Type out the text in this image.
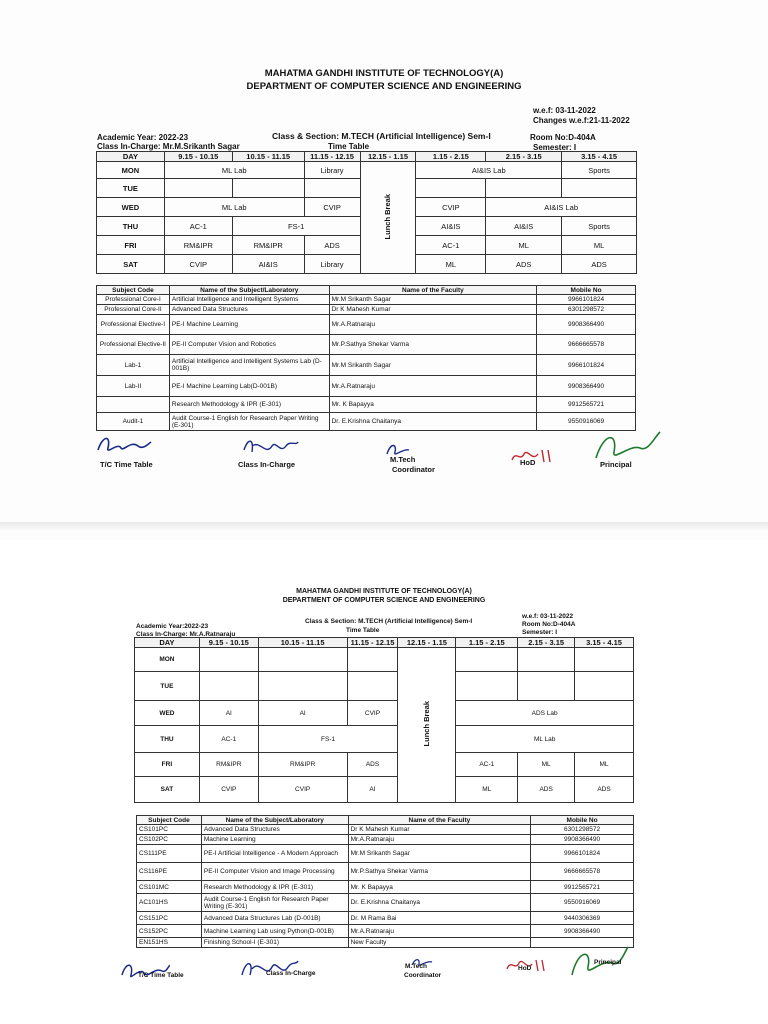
MAHATMA GANDHI INSTITUTE OF TECHNOLOGY(A)
DEPARTMENT OF COMPUTER SCIENCE AND ENGINEERING
w.e.f: 03-11-2022
Changes w.e.f:21-11-2022
Academic Year: 2022-23	Class & Section: M.TECH (Artificial Intelligence) Sem-I	Room No:D-404A
Class In-Charge: Mr.M.Srikanth Sagar	Time Table	Semester: I
DAY	9.15 - 10.15	10.15 - 11.15	11.15 - 12.15	12.15 - 1.15	1.15 - 2.15	2.15 - 3.15	3.15 - 4.15
MON	ML Lab		Library	Lunch Break	AI&IS Lab		Sports
TUE							
WED	ML Lab		CVIP		CVIP	AI&IS Lab	
THU	AC-1	FS-1			AI&IS	AI&IS	Sports
FRI	RM&IPR	RM&IPR	ADS		AC-1	ML	ML
SAT	CVIP	AI&IS	Library		ML	ADS	ADS
Subject Code	Name of the Subject/Laboratory	Name of the Faculty	Mobile No
Professional Core-I	Artificial Intelligence and Intelligent Systems	Mr.M Srikanth Sagar	9966101824
Professional Core-II	Advanced Data Structures	Dr K Mahesh Kumar	6301298572
Professional Elective-I	PE-I Machine Learning	Mr.A.Ratnaraju	9908366490
Professional Elective-II	PE-II Computer Vision and Robotics	Mr.P.Sathya Shekar Varma	9666665578
Lab-1	Artificial Intelligence and Intelligent Systems Lab (D-001B)	Mr.M Srikanth Sagar	9966101824
Lab-II	PE-I Machine Learning Lab(D-001B)	Mr.A.Ratnaraju	9908366490
	Research Methodology & IPR (E-301)	Mr. K Bapayya	9912565721
Audit-1	Audit Course-1 English for Research Paper Writing (E-301)	Dr. E.Krishna Chaitanya	9550916069
T/C Time Table	Class In-Charge
M.Tech
Coordinator
HoD	Principal
MAHATMA GANDHI INSTITUTE OF TECHNOLOGY(A)
DEPARTMENT OF COMPUTER SCIENCE AND ENGINEERING
w.e.f: 03-11-2022
Room No:D-404A
Academic Year:2022-23
Class & Section: M.TECH (Artificial Intelligence) Sem-I
Semester: I
Class In-Charge: Mr.A.Ratnaraju
Time Table
DAY	9.15 - 10.15	10.15 - 11.15	11.15 - 12.15	12.15 - 1.15	1.15 - 2.15	2.15 - 3.15	3.15 - 4.15
MON				Lunch Break			
TUE							
WED	AI	AI	CVIP		ADS Lab		
THU	AC-1	FS-1			ML Lab		
FRI	RM&IPR	RM&IPR	ADS		AC-1	ML	ML
SAT	CVIP	CVIP	AI		ML	ADS	ADS
Subject Code	Name of the Subject/Laboratory	Name of the Faculty	Mobile No
CS101PC	Advanced Data Structures	Dr K Mahesh Kumar	6301298572
CS102PC	Machine Learning	Mr.A.Ratnaraju	9908366490
CS111PE	PE-I Artificial Intelligence - A Modern Approach	Mr.M Srikanth Sagar	9966101824
CS116PE	PE-II Computer Vision and Image Processing	Mr.P.Sathya Shekar Varma	9666665578
CS101MC	Research Methodology & IPR (E-301)	Mr. K Bapayya	9912565721
AC101HS	Audit Course-1 English for Research Paper Writing (E-301)	Dr. E.Krishna Chaitanya	9550916069
CS151PC	Advanced Data Structures Lab (D-001B)	Dr. M Rama Bai	9440306369
CS152PC	Machine Learning Lab using Python(D-001B)	Mr.A.Ratnaraju	9908366490
EN151HS	Finishing School-I (E-301)	New Faculty	
T/C Time Table	Class In-Charge
M.Tech
Coordinator
HoD
Principal
